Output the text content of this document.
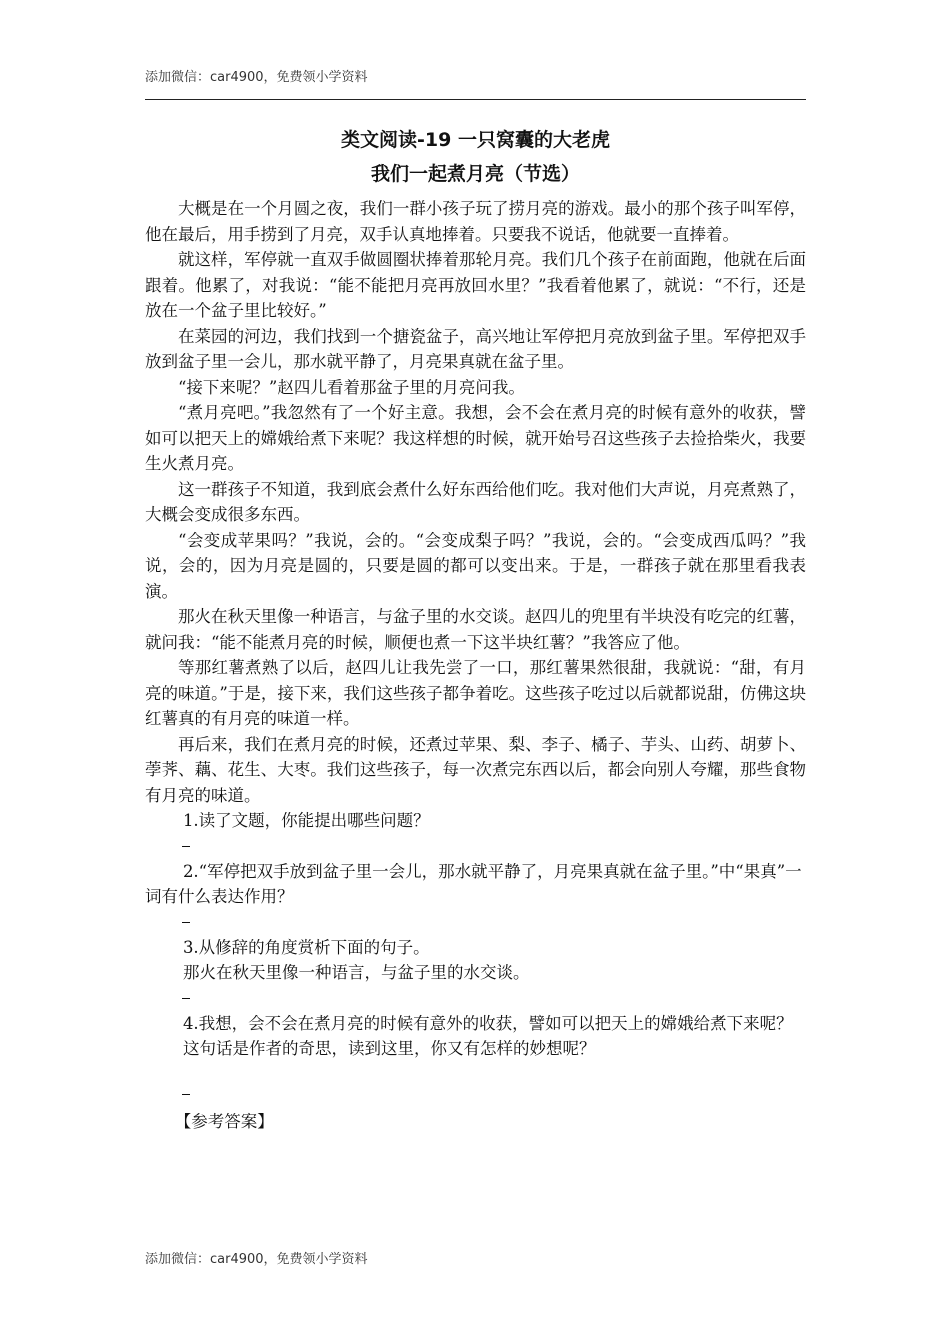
添加微信：car4900，免费领小学资料
类文阅读-19 一只窝囊的大老虎
我们一起煮月亮（节选）

大概是在一个月圆之夜，我们一群小孩子玩了捞月亮的游戏。最小的那个孩子叫军停，他在最后，用手捞到了月亮，双手认真地捧着。只要我不说话，他就要一直捧着。

就这样，军停就一直双手做圆圈状捧着那轮月亮。我们几个孩子在前面跑，他就在后面跟着。他累了，对我说：“能不能把月亮再放回水里？”我看着他累了，就说：“不行，还是放在一个盆子里比较好。”

在菜园的河边，我们找到一个搪瓷盆子，高兴地让军停把月亮放到盆子里。军停把双手放到盆子里一会儿，那水就平静了，月亮果真就在盆子里。

“接下来呢？”赵四儿看着那盆子里的月亮问我。

“煮月亮吧。”我忽然有了一个好主意。我想，会不会在煮月亮的时候有意外的收获，譬如可以把天上的嫦娥给煮下来呢？我这样想的时候，就开始号召这些孩子去捡拾柴火，我要生火煮月亮。

这一群孩子不知道，我到底会煮什么好东西给他们吃。我对他们大声说，月亮煮熟了，大概会变成很多东西。

“会变成苹果吗？”我说，会的。“会变成梨子吗？”我说，会的。“会变成西瓜吗？”我说，会的，因为月亮是圆的，只要是圆的都可以变出来。于是，一群孩子就在那里看我表演。

那火在秋天里像一种语言，与盆子里的水交谈。赵四儿的兜里有半块没有吃完的红薯，就问我：“能不能煮月亮的时候，顺便也煮一下这半块红薯？”我答应了他。

等那红薯煮熟了以后，赵四儿让我先尝了一口，那红薯果然很甜，我就说：“甜，有月亮的味道。”于是，接下来，我们这些孩子都争着吃。这些孩子吃过以后就都说甜，仿佛这块红薯真的有月亮的味道一样。

再后来，我们在煮月亮的时候，还煮过苹果、梨、李子、橘子、芋头、山药、胡萝卜、荸荠、藕、花生、大枣。我们这些孩子，每一次煮完东西以后，都会向别人夸耀，那些食物有月亮的味道。

1.读了文题，你能提出哪些问题？

2.“军停把双手放到盆子里一会儿，那水就平静了，月亮果真就在盆子里。”中“果真”一词有什么表达作用？

3.从修辞的角度赏析下面的句子。

那火在秋天里像一种语言，与盆子里的水交谈。

4.我想，会不会在煮月亮的时候有意外的收获，譬如可以把天上的嫦娥给煮下来呢？

这句话是作者的奇思，读到这里，你又有怎样的妙想呢？

【参考答案】

添加微信：car4900，免费领小学资料
